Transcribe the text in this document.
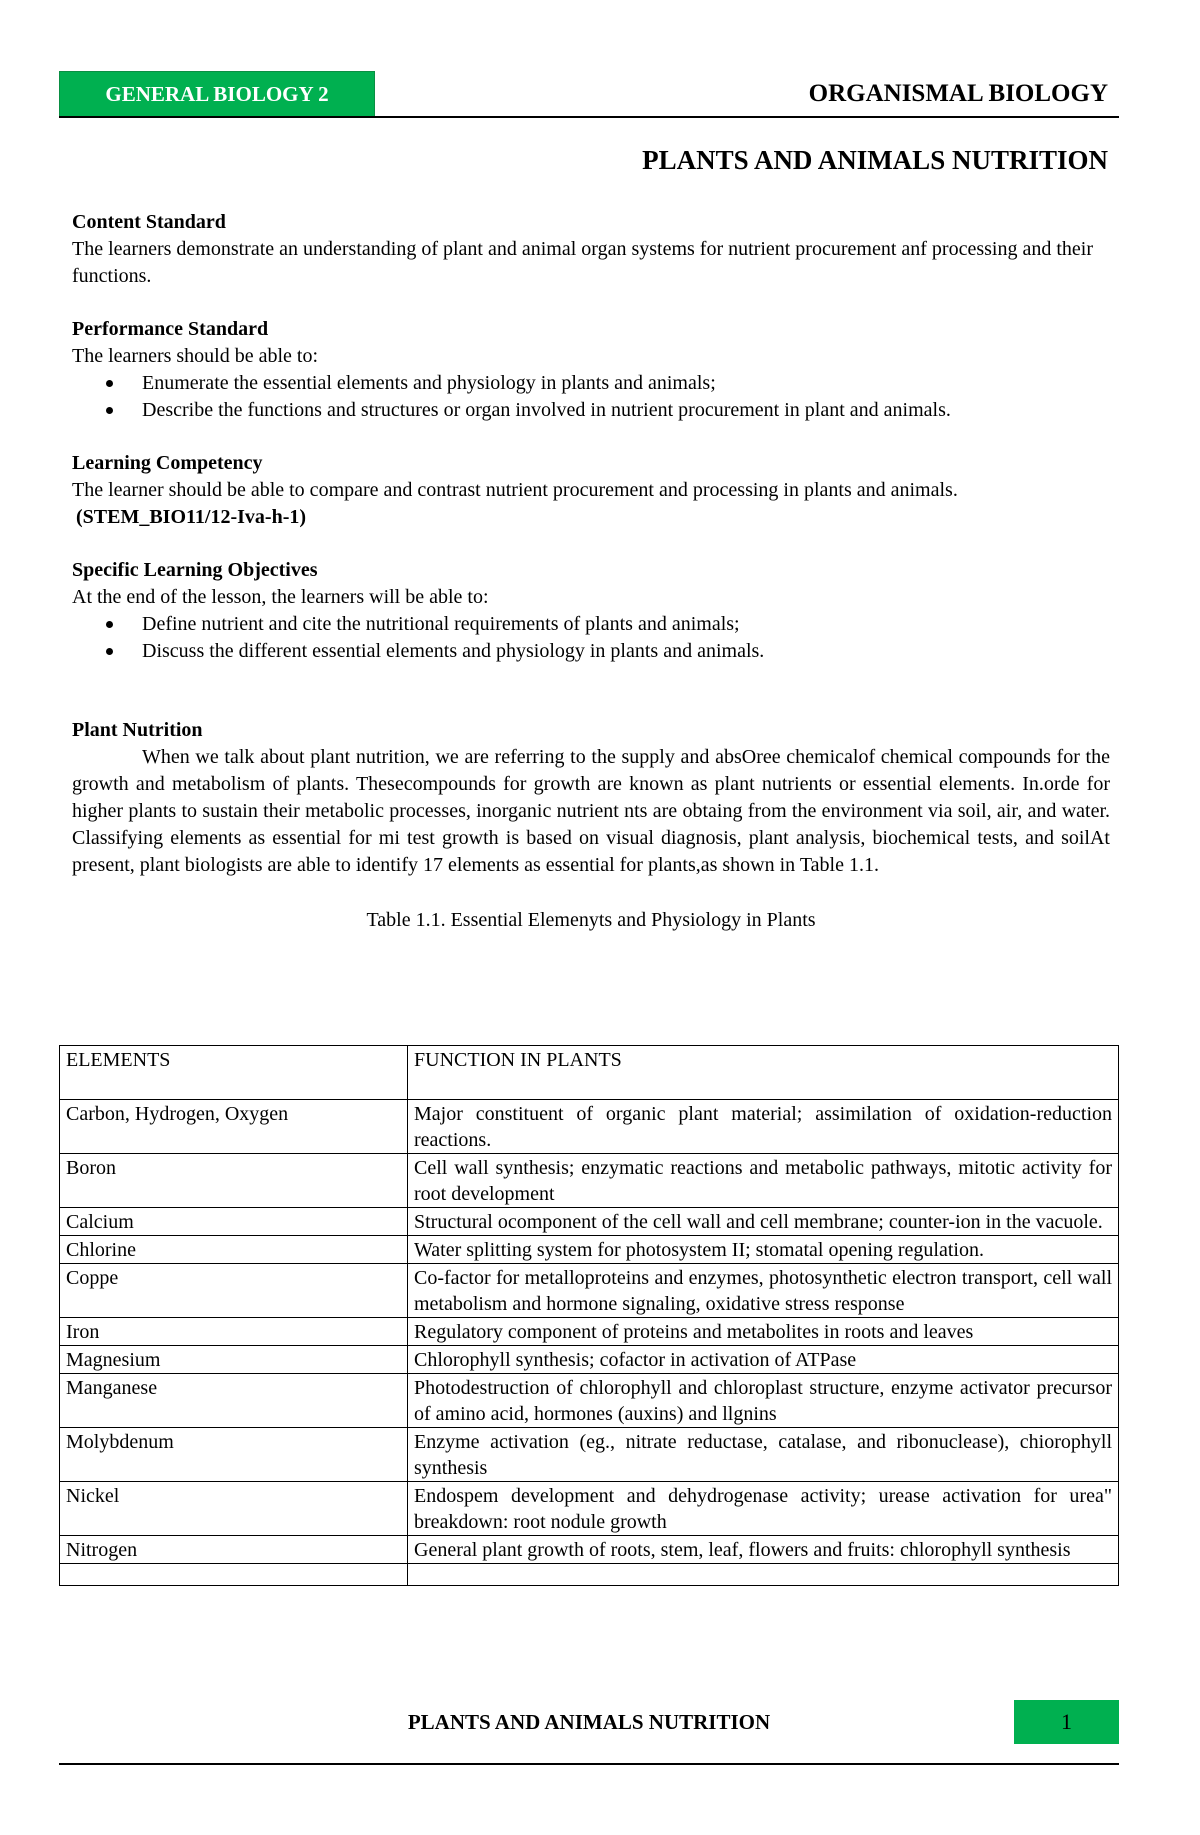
GENERAL BIOLOGY 2	ORGANISMAL BIOLOGY
PLANTS AND ANIMALS NUTRITION

Content Standard

The learners demonstrate an understanding of plant and animal organ systems for nutrient procurement anf processing and their functions.

Performance Standard

The learners should be able to:

Enumerate the essential elements and physiology in plants and animals;
Describe the functions and structures or organ involved in nutrient procurement in plant and animals.

Learning Competency

The learner should be able to compare and contrast nutrient procurement and processing in plants and animals.

(STEM_BIO11/12-Iva-h-1)

Specific Learning Objectives

At the end of the lesson, the learners will be able to:

Define nutrient and cite the nutritional requirements of plants and animals;
Discuss the different essential elements and physiology in plants and animals.

Plant Nutrition

When we talk about plant nutrition, we are referring to the supply and absOree chemicalof chemical compounds for the growth and metabolism of plants. Thesecompounds for growth are known as plant nutrients or essential elements. In.orde for higher plants to sustain their metabolic processes, inorganic nutrient nts are obtaing from the environment via soil, air, and water. Classifying elements as essential for mi test growth is based on visual diagnosis, plant analysis, biochemical tests, and soilAt present, plant biologists are able to identify 17 elements as essential for plants,as shown in Table 1.1.

Table 1.1. Essential Elemenyts and Physiology in Plants

ELEMENTS	FUNCTION IN PLANTS
Carbon, Hydrogen, Oxygen	Major constituent of organic plant material; assimilation of oxidation-reduction reactions.
Boron	Cell wall synthesis; enzymatic reactions and metabolic pathways, mitotic activity for root development
Calcium	Structural ocomponent of the cell wall and cell membrane; counter-ion in the vacuole.
Chlorine	Water splitting system for photosystem II; stomatal opening regulation.
Coppe	Co-factor for metalloproteins and enzymes, photosynthetic electron transport, cell wall metabolism and hormone signaling, oxidative stress response
Iron	Regulatory component of proteins and metabolites in roots and leaves
Magnesium	Chlorophyll synthesis; cofactor in activation of ATPase
Manganese	Photodestruction of chlorophyll and chloroplast structure, enzyme activator precursor of amino acid, hormones (auxins) and llgnins
Molybdenum	Enzyme activation (eg., nitrate reductase, catalase, and ribonuclease), chiorophyll synthesis
Nickel	Endospem development and dehydrogenase activity; urease activation for urea" breakdown: root nodule growth
Nitrogen	General plant growth of roots, stem, leaf, flowers and fruits: chlorophyll synthesis

PLANTS AND ANIMALS NUTRITION	1
